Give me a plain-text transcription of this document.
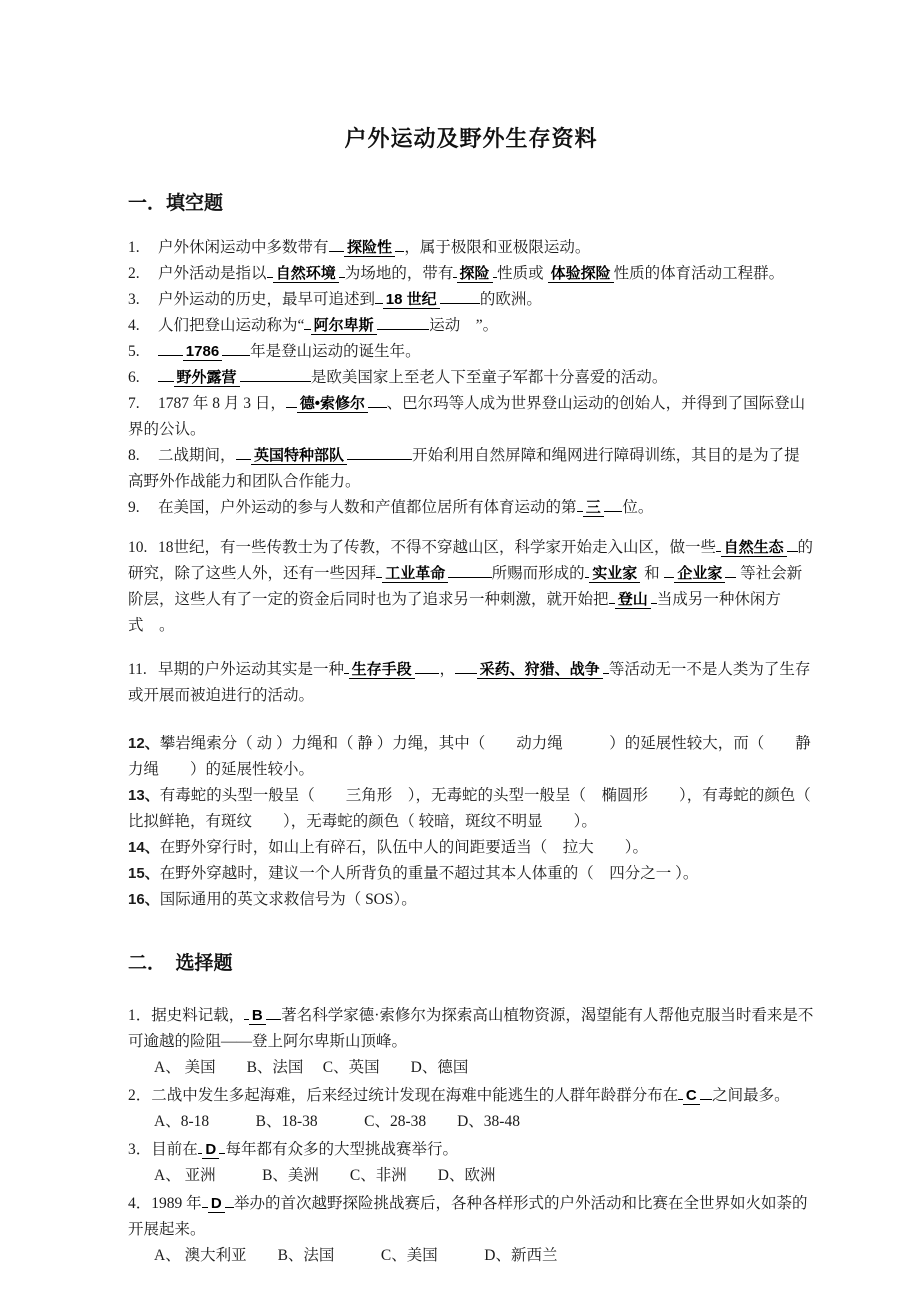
户外运动及野外生存资料
一．填空题

1. 户外休闲运动中多数带有 探险性 ，属于极限和亚极限运动。

2. 户外活动是指以 自然环境 为场地的，带有 探险 性质或 体验探险 性质的体育活动工程群。

3. 户外运动的历史，最早可追述到 18 世纪	的欧洲。

4. 人们把登山运动称为“ 阿尔卑斯	运动　”。

5.	1786 年是登山运动的诞生年。

6. 野外露营	是欧美国家上至老人下至童子军都十分喜爱的活动。

7. 1787 年 8 月 3 日， 德•索修尔 、巴尔玛等人成为世界登山运动的创始人，并得到了国际登山界的公认。

8. 二战期间， 英国特种部队	开始利用自然屏障和绳网进行障碍训练，其目的是为了提高野外作战能力和团队合作能力。

9. 在美国，户外运动的参与人数和产值都位居所有体育运动的第 三 位。

10. 18世纪，有一些传教士为了传教，不得不穿越山区，科学家开始走入山区，做一些 自然生态 的研究，除了这些人外，还有一些因拜 工业革命	所赐而形成的 实业家 和 企业家 等社会新阶层，这些人有了一定的资金后同时也为了追求另一种刺激，就开始把 登山 当成另一种休闲方式　。

11. 早期的户外运动其实是一种 生存手段 ， 采药、狩猎、战争 等活动无一不是人类为了生存或开展而被迫进行的活动。

12、攀岩绳索分（ 动 ）力绳和（ 静 ）力绳，其中（　　动力绳　　　）的延展性较大，而（　　静力绳　　）的延展性较小。

13、有毒蛇的头型一般呈（　　三角形　），无毒蛇的头型一般呈（　椭圆形　　），有毒蛇的颜色（ 比拟鲜艳，有斑纹　　），无毒蛇的颜色（ 较暗，斑纹不明显　　）。

14、在野外穿行时，如山上有碎石，队伍中人的间距要适当（　拉大　　）。

15、在野外穿越时，建议一个人所背负的重量不超过其本人体重的（　四分之一 ）。

16、国际通用的英文求救信号为（ SOS）。

二．　选择题

1．据史料记载， B 著名科学家德·索修尔为探索高山植物资源，渴望能有人帮他克服当时看来是不可逾越的险阻——登上阿尔卑斯山顶峰。

A、 美国　　B、法国　 C、英国　　D、德国

2．二战中发生多起海难，后来经过统计发现在海难中能逃生的人群年龄群分布在 C 之间最多。

A、8-18　　　B、18-38　　　C、28-38　　D、38-48

3．目前在 D 每年都有众多的大型挑战赛举行。

A、 亚洲　　　B、美洲　　C、非洲　　D、欧洲

4．1989 年 D 举办的首次越野探险挑战赛后，各种各样形式的户外活动和比赛在全世界如火如荼的开展起来。

A、 澳大利亚　　B、法国　　　C、美国　　　D、新西兰
